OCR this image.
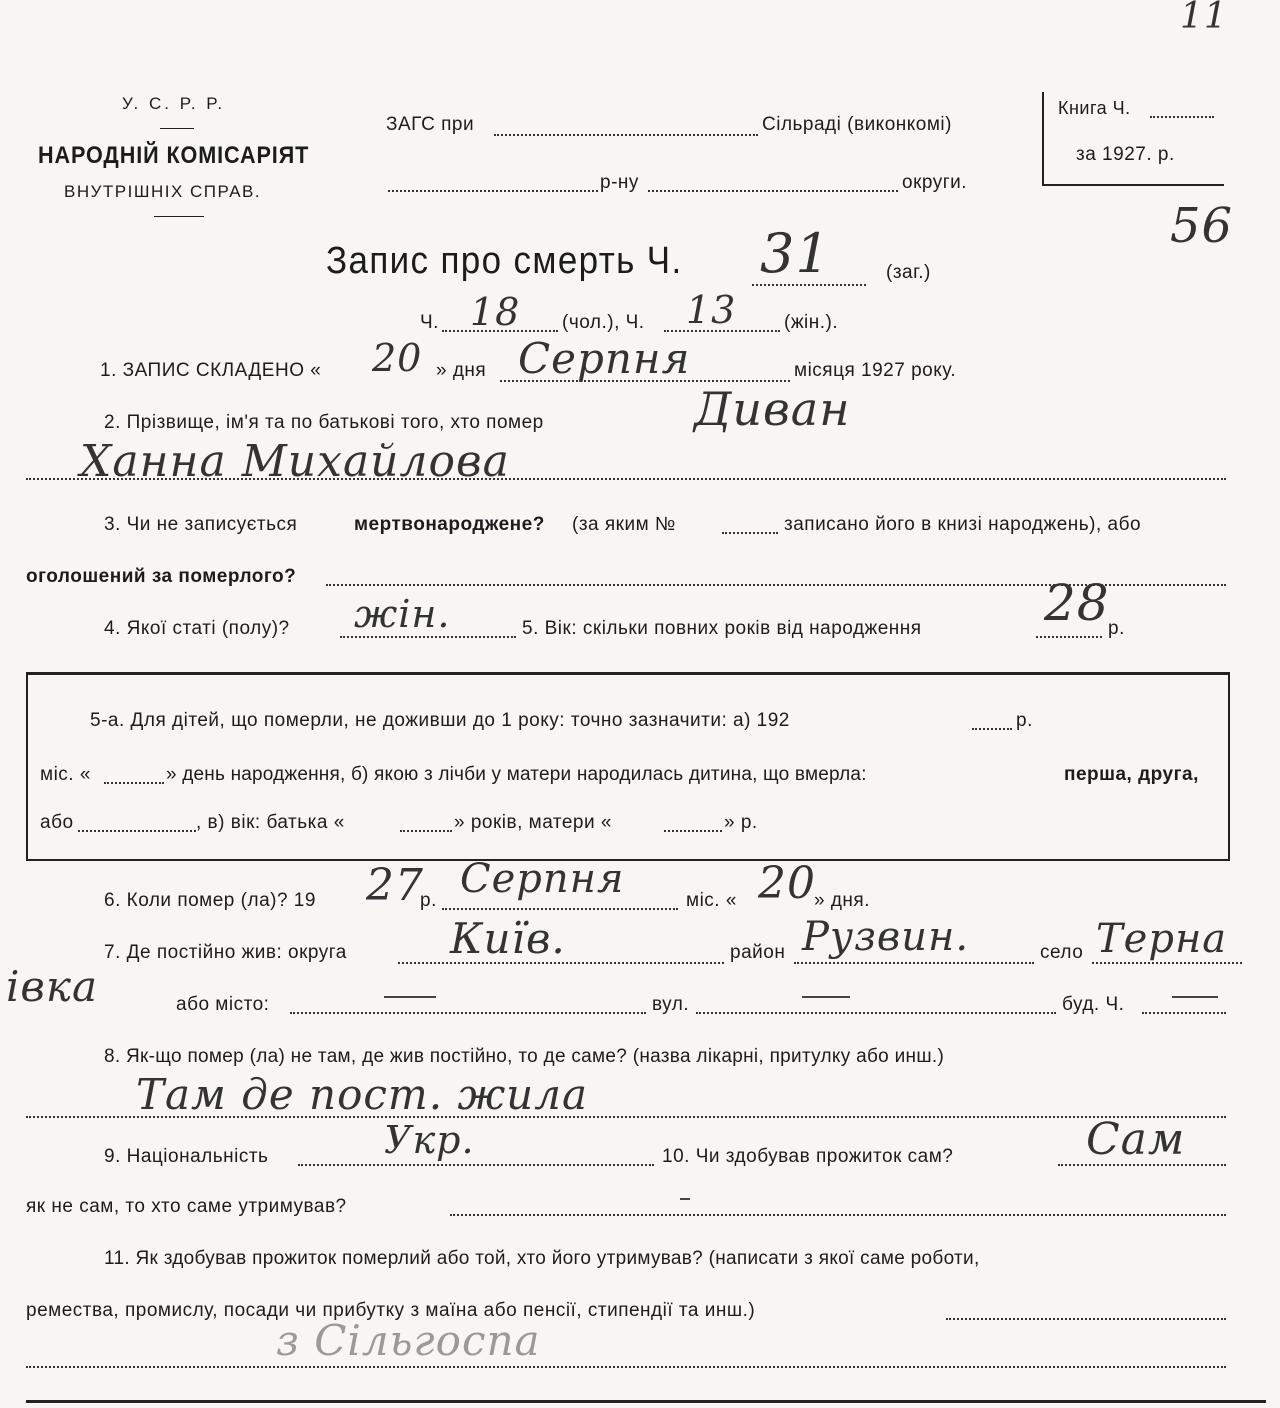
11
У. С. Р. Р.
НАРОДНІЙ КОМІСАРІЯТ
ВНУТРІШНІХ СПРАВ.
ЗАГС при	Сільраді (виконкомі)
р-ну	округи.
Книга Ч.
за 1927. р.
Запис про смерть Ч. 31	(заг.)
56
Ч. 18 (чол.), Ч. 13	(жін.).
1. ЗАПИС СКЛАДЕНО « 20 » дня Серпня	місяця 1927 року.
2. Прізвище, ім'я та по батькові того, хто помер	Диван
Ханна Михайлова
3. Чи не записується	мертвонароджене? (за яким №	записано його в книзі народжень), або
оголошений за померлого?
4. Якої статі (полу)? жін.	5. Вік: скільки повних років від народження 28
р.
5-а. Для дітей, що померли, не доживши до 1 року: точно зазначити: а) 192	р.
міс. «	» день народження, б) якою з лічби у матери народилась дитина, що вмерла:	перша, друга,
або	, в) вік: батька «	» років, матери «	» р.
6. Коли помер (ла)? 19 27
р. Серпня	міс. « 20
» дня.
7. Де постійно жив: округа Київ.	район Рузвин.	село Терна
івка	або місто:	вул.	буд. Ч.
8. Як-що помер (ла) не там, де жив постійно, то де саме? (назва лікарні, притулку або инш.)
Там де пост. жила
9. Національність	Укр.	10. Чи здобував прожиток сам?	Сам
як не сам, то хто саме утримував?
11. Як здобував прожиток померлий або той, хто його утримував? (написати з якої саме роботи,
ремества, промислу, посади чи прибутку з маїна або пенсії, стипендії та инш.)
з Сільгоспа
